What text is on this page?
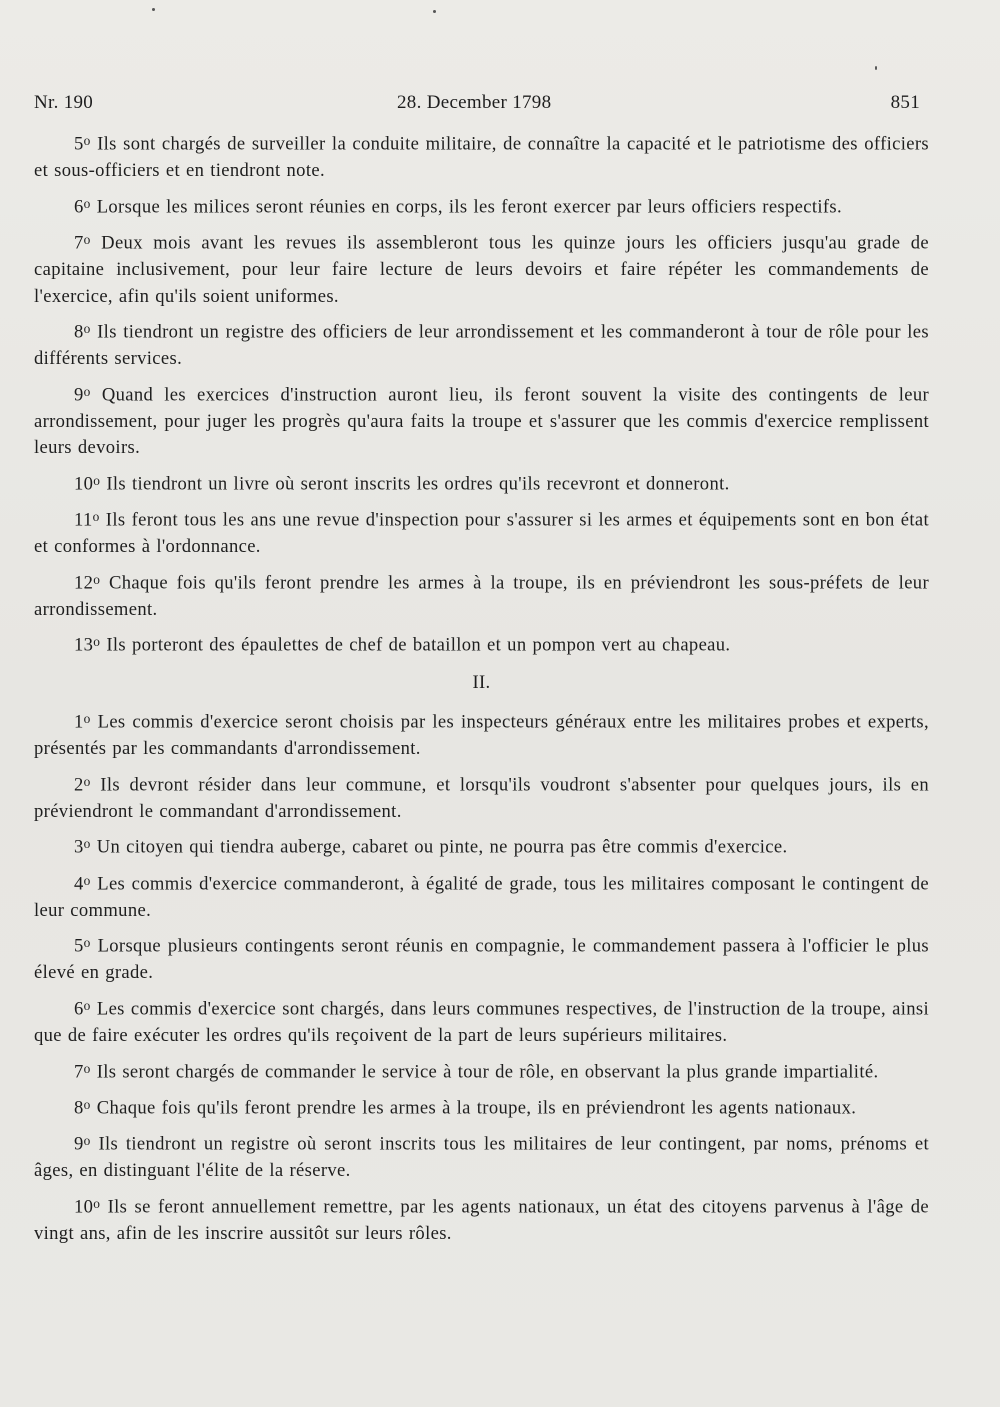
Nr. 190	28. December 1798	851

5$^o$ Ils sont chargés de surveiller la conduite militaire, de connaître la capacité et le patriotisme des officiers et sous-officiers et en tiendront note.

6$^o$ Lorsque les milices seront réunies en corps, ils les feront exercer par leurs officiers respectifs.

7$^o$ Deux mois avant les revues ils assembleront tous les quinze jours les officiers jusqu'au grade de capitaine inclusivement, pour leur faire lecture de leurs devoirs et faire répéter les commandements de l'exercice, afin qu'ils soient uniformes.

8$^o$ Ils tiendront un registre des officiers de leur arrondissement et les commanderont à tour de rôle pour les différents services.

9$^o$ Quand les exercices d'instruction auront lieu, ils feront souvent la visite des contingents de leur arrondissement, pour juger les progrès qu'aura faits la troupe et s'assurer que les commis d'exercice remplissent leurs devoirs.

10$^o$ Ils tiendront un livre où seront inscrits les ordres qu'ils recevront et donneront.

11$^o$ Ils feront tous les ans une revue d'inspection pour s'assurer si les armes et équipements sont en bon état et conformes à l'ordonnance.

12$^o$ Chaque fois qu'ils feront prendre les armes à la troupe, ils en préviendront les sous-préfets de leur arrondissement.

13$^o$ Ils porteront des épaulettes de chef de bataillon et un pompon vert au chapeau.

II.

1$^o$ Les commis d'exercice seront choisis par les inspecteurs généraux entre les militaires probes et experts, présentés par les commandants d'arrondissement.

2$^o$ Ils devront résider dans leur commune, et lorsqu'ils voudront s'absenter pour quelques jours, ils en préviendront le commandant d'arrondissement.

3$^o$ Un citoyen qui tiendra auberge, cabaret ou pinte, ne pourra pas être commis d'exercice.

4$^o$ Les commis d'exercice commanderont, à égalité de grade, tous les militaires composant le contingent de leur commune.

5$^o$ Lorsque plusieurs contingents seront réunis en compagnie, le commandement passera à l'officier le plus élevé en grade.

6$^o$ Les commis d'exercice sont chargés, dans leurs communes respectives, de l'instruction de la troupe, ainsi que de faire exécuter les ordres qu'ils reçoivent de la part de leurs supérieurs militaires.

7$^o$ Ils seront chargés de commander le service à tour de rôle, en observant la plus grande impartialité.

8$^o$ Chaque fois qu'ils feront prendre les armes à la troupe, ils en préviendront les agents nationaux.

9$^o$ Ils tiendront un registre où seront inscrits tous les militaires de leur contingent, par noms, prénoms et âges, en distinguant l'élite de la réserve.

10$^o$ Ils se feront annuellement remettre, par les agents nationaux, un état des citoyens parvenus à l'âge de vingt ans, afin de les inscrire aussitôt sur leurs rôles.
